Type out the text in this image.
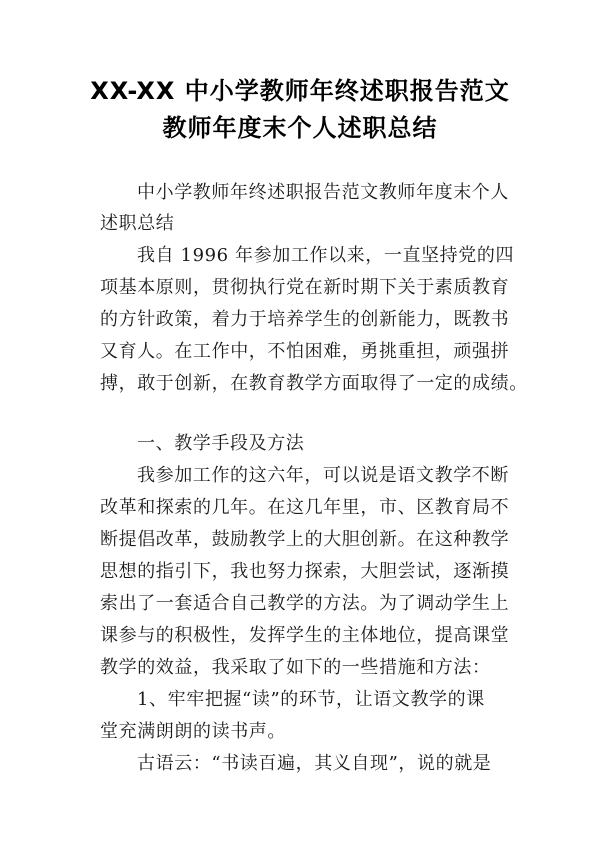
XX-XX 中小学教师年终述职报告范文
教师年度末个人述职总结
中小学教师年终述职报告范文教师年度末个人
述职总结
我自 1996 年参加工作以来，一直坚持党的四
项基本原则，贯彻执行党在新时期下关于素质教育
的方针政策，着力于培养学生的创新能力，既教书
又育人。在工作中，不怕困难，勇挑重担，顽强拼
搏，敢于创新，在教育教学方面取得了一定的成绩。
一、教学手段及方法
我参加工作的这六年，可以说是语文教学不断
改革和探索的几年。在这几年里，市、区教育局不
断提倡改革，鼓励教学上的大胆创新。在这种教学
思想的指引下，我也努力探索，大胆尝试，逐渐摸
索出了一套适合自己教学的方法。为了调动学生上
课参与的积极性，发挥学生的主体地位，提高课堂
教学的效益，我采取了如下的一些措施和方法：
1、牢牢把握“读”的环节，让语文教学的课
堂充满朗朗的读书声。
古语云：“书读百遍，其义自现”，说的就是
